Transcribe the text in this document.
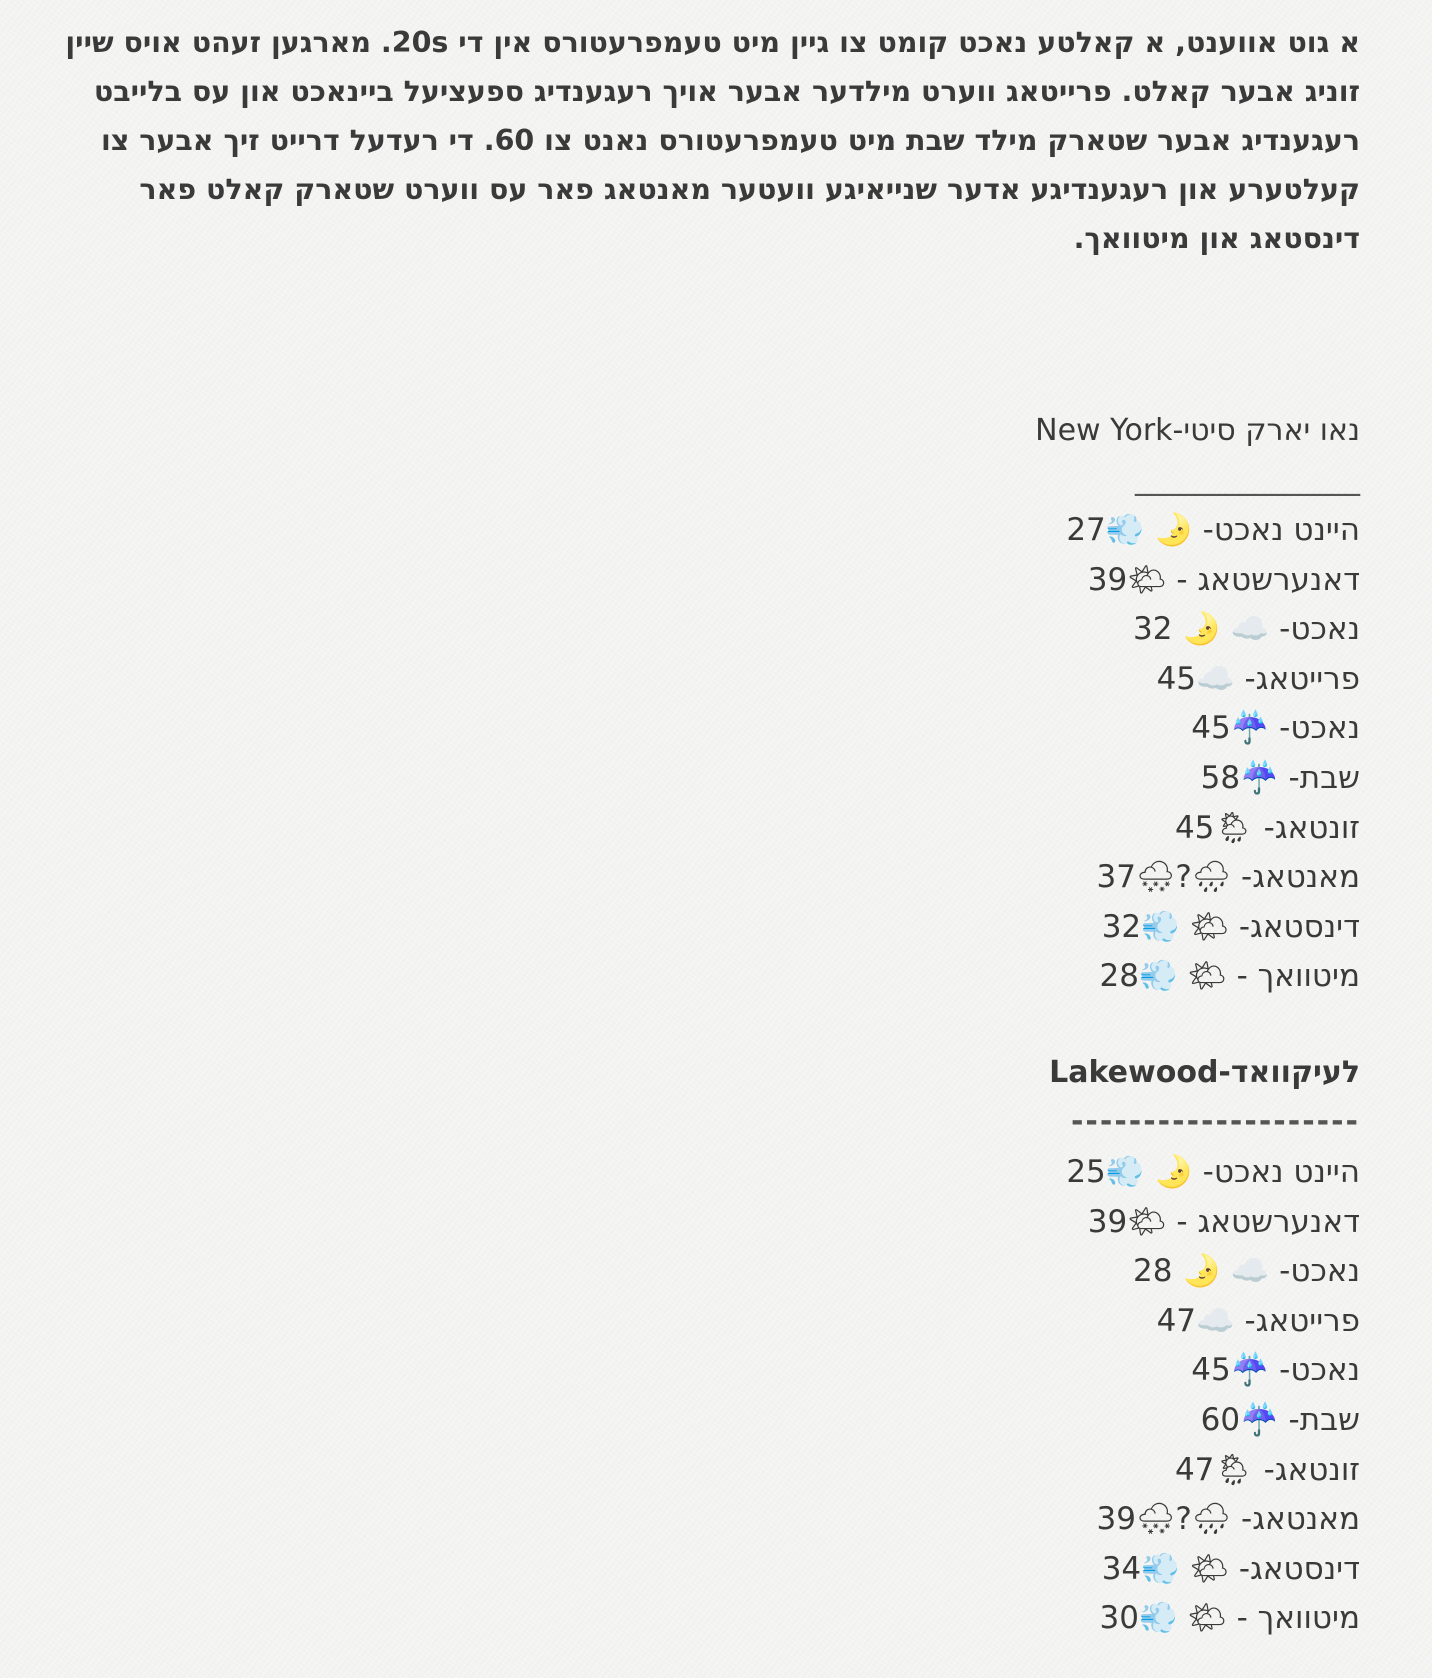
א גוט אווענט, א קאלטע נאכט קומט צו גיין מיט טעמפרעטורס אין די 20s. מארגען זעהט אויס שיין זוניג אבער קאלט. פרייטאג ווערט מילדער אבער אויך רעגענדיג ספעציעל ביינאכט און עס בלייבט רעגענדיג אבער שטארק מילד שבת מיט טעמפרעטורס נאנט צו 60. די רעדעל דרייט זיך אבער צו קעלטערע און רעגענדיגע אדער שנייאיגע וועטער מאנטאג פאר עס ווערט שטארק קאלט פאר דינסטאג און מיטוואך.

נאו יארק סיטי-New York

_______________

היינט נאכט- 🌛 💨27
דאנערשטאג - 🌤39
נאכט- ☁️ 🌛 32
פרייטאג- ☁️45
נאכט- ☔️45
שבת- ☔️58
זונטאג- 🌦45
מאנטאג- 🌧?🌨37
דינסטאג- 🌤 💨32
מיטוואך - 🌤 💨28

לעיקוואד-Lakewood

--------------------

היינט נאכט- 🌛 💨25
דאנערשטאג - 🌤39
נאכט- ☁️ 🌛 28
פרייטאג- ☁️47
נאכט- ☔️45
שבת- ☔️60
זונטאג- 🌦47
מאנטאג- 🌧?🌨39
דינסטאג- 🌤 💨34
מיטוואך - 🌤 💨30
